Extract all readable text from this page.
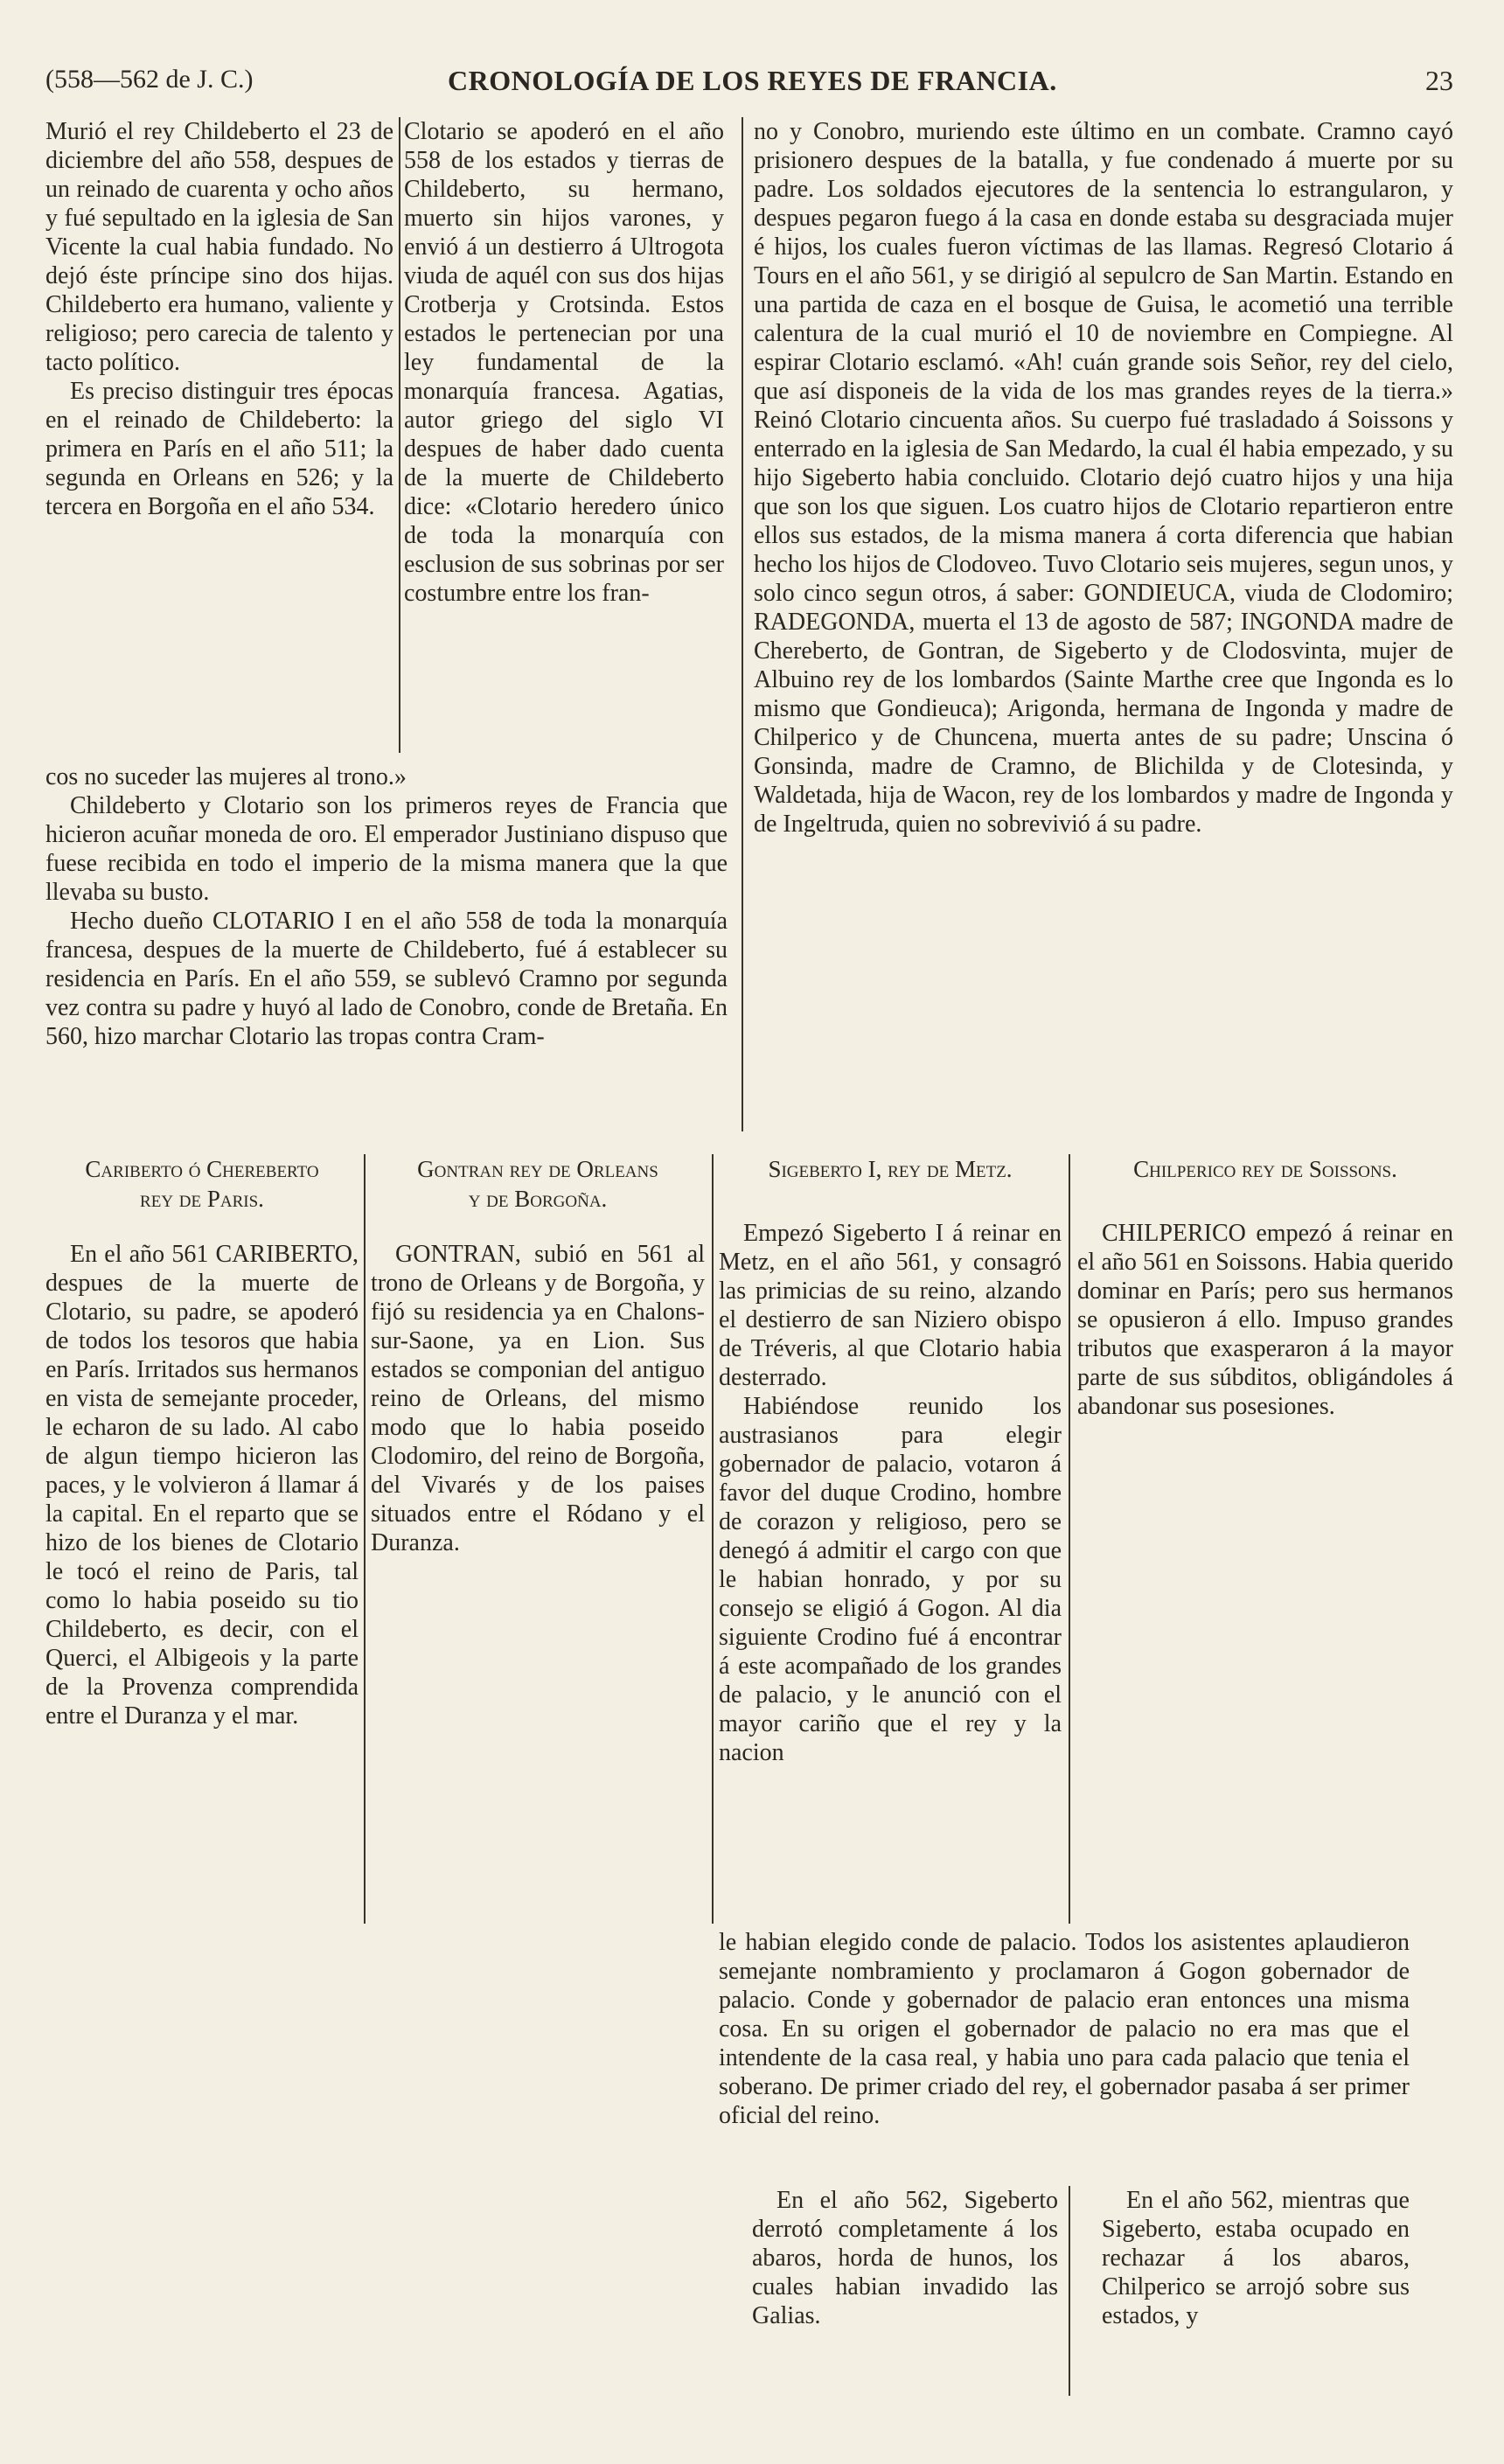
(558—562 de J. C.)	CRONOLOGÍA DE LOS REYES DE FRANCIA.	23

Murió el rey Childeberto el 23 de diciembre del año 558, despues de un reinado de cuarenta y ocho años y fué sepultado en la iglesia de San Vicente la cual habia fundado. No dejó éste príncipe sino dos hijas. Childeberto era humano, valiente y religioso; pero carecia de talento y tacto político.

Es preciso distinguir tres épocas en el reinado de Childeberto: la primera en París en el año 511; la segunda en Orleans en 526; y la tercera en Borgoña en el año 534.

Clotario se apoderó en el año 558 de los estados y tierras de Childeberto, su hermano, muerto sin hijos varones, y envió á un destierro á Ultrogota viuda de aquél con sus dos hijas Crotberja y Crotsinda. Estos estados le pertenecian por una ley fundamental de la monarquía francesa. Agatias, autor griego del siglo VI despues de haber dado cuenta de la muerte de Childeberto dice: «Clotario heredero único de toda la monarquía con esclusion de sus sobrinas por ser costumbre entre los fran-

cos no suceder las mujeres al trono.»

Childeberto y Clotario son los primeros reyes de Francia que hicieron acuñar moneda de oro. El emperador Justiniano dispuso que fuese recibida en todo el imperio de la misma manera que la que llevaba su busto.

Hecho dueño CLOTARIO I en el año 558 de toda la monarquía francesa, despues de la muerte de Childeberto, fué á establecer su residencia en París. En el año 559, se sublevó Cramno por segunda vez contra su padre y huyó al lado de Conobro, conde de Bretaña. En 560, hizo marchar Clotario las tropas contra Cram-

no y Conobro, muriendo este último en un combate. Cramno cayó prisionero despues de la batalla, y fue condenado á muerte por su padre. Los soldados ejecutores de la sentencia lo estrangularon, y despues pegaron fuego á la casa en donde estaba su desgraciada mujer é hijos, los cuales fueron víctimas de las llamas. Regresó Clotario á Tours en el año 561, y se dirigió al sepulcro de San Martin. Estando en una partida de caza en el bosque de Guisa, le acometió una terrible calentura de la cual murió el 10 de noviembre en Compiegne. Al espirar Clotario esclamó. «Ah! cuán grande sois Señor, rey del cielo, que así disponeis de la vida de los mas grandes reyes de la tierra.» Reinó Clotario cincuenta años. Su cuerpo fué trasladado á Soissons y enterrado en la iglesia de San Medardo, la cual él habia empezado, y su hijo Sigeberto habia concluido. Clotario dejó cuatro hijos y una hija que son los que siguen. Los cuatro hijos de Clotario repartieron entre ellos sus estados, de la misma manera á corta diferencia que habian hecho los hijos de Clodoveo. Tuvo Clotario seis mujeres, segun unos, y solo cinco segun otros, á saber: GONDIEUCA, viuda de Clodomiro; RADEGONDA, muerta el 13 de agosto de 587; INGONDA madre de Chereberto, de Gontran, de Sigeberto y de Clodosvinta, mujer de Albuino rey de los lombardos (Sainte Marthe cree que Ingonda es lo mismo que Gondieuca); Arigonda, hermana de Ingonda y madre de Chilperico y de Chuncena, muerta antes de su padre; Unscina ó Gonsinda, madre de Cramno, de Blichilda y de Clotesinda, y Waldetada, hija de Wacon, rey de los lombardos y madre de Ingonda y de Ingeltruda, quien no sobrevivió á su padre.

Cariberto ó Chereberto
rey de Paris.

En el año 561 CARIBERTO, despues de la muerte de Clotario, su padre, se apoderó de todos los tesoros que habia en París. Irritados sus hermanos en vista de semejante proceder, le echaron de su lado. Al cabo de algun tiempo hicieron las paces, y le volvieron á llamar á la capital. En el reparto que se hizo de los bienes de Clotario le tocó el reino de Paris, tal como lo habia poseido su tio Childeberto, es decir, con el Querci, el Albigeois y la parte de la Provenza comprendida entre el Duranza y el mar.

Gontran rey de Orleans
y de Borgoña.

GONTRAN, subió en 561 al trono de Orleans y de Borgoña, y fijó su residencia ya en Chalons-sur-Saone, ya en Lion. Sus estados se componian del antiguo reino de Orleans, del mismo modo que lo habia poseido Clodomiro, del reino de Borgoña, del Vivarés y de los paises situados entre el Ródano y el Duranza.

Sigeberto I, rey de Metz.

Empezó Sigeberto I á reinar en Metz, en el año 561, y consagró las primicias de su reino, alzando el destierro de san Niziero obispo de Tréveris, al que Clotario habia desterrado.

Habiéndose reunido los austrasianos para elegir gobernador de palacio, votaron á favor del duque Crodino, hombre de corazon y religioso, pero se denegó á admitir el cargo con que le habian honrado, y por su consejo se eligió á Gogon. Al dia siguiente Crodino fué á encontrar á este acompañado de los grandes de palacio, y le anunció con el mayor cariño que el rey y la nacion

Chilperico rey de Soissons.

CHILPERICO empezó á reinar en el año 561 en Soissons. Habia querido dominar en París; pero sus hermanos se opusieron á ello. Impuso grandes tributos que exasperaron á la mayor parte de sus súbditos, obligándoles á abandonar sus posesiones.

le habian elegido conde de palacio. Todos los asistentes aplaudieron semejante nombramiento y proclamaron á Gogon gobernador de palacio. Conde y gobernador de palacio eran entonces una misma cosa. En su origen el gobernador de palacio no era mas que el intendente de la casa real, y habia uno para cada palacio que tenia el soberano. De primer criado del rey, el gobernador pasaba á ser primer oficial del reino.

En el año 562, Sigeberto derrotó completamente á los abaros, horda de hunos, los cuales habian invadido las Galias.

En el año 562, mientras que Sigeberto, estaba ocupado en rechazar á los abaros, Chilperico se arrojó sobre sus estados, y
